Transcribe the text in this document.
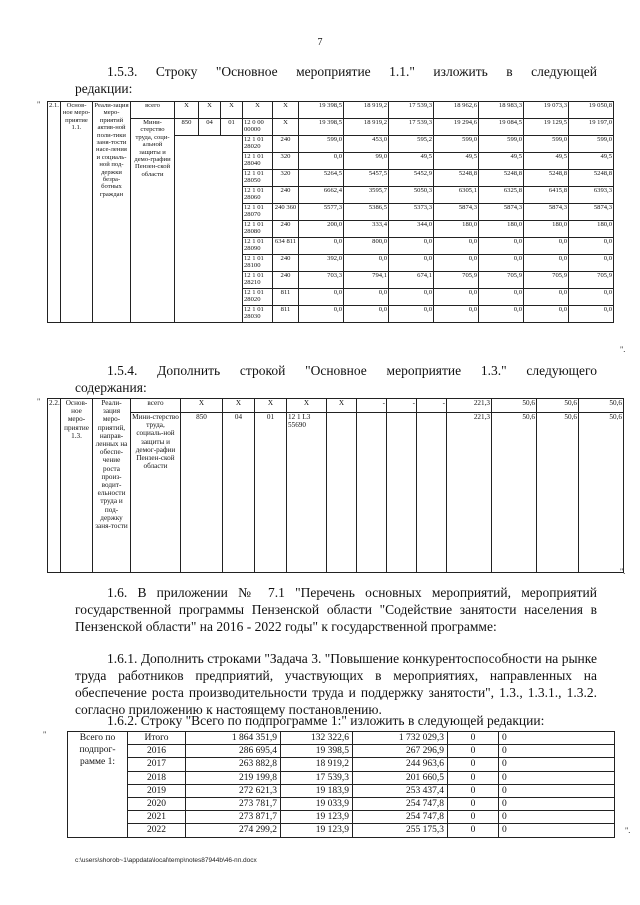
7
1.5.3. Строку "Основное мероприятие 1.1." изложить в следующей
редакции:
" 2.1.	Основ-ное меро-приятие 1.1.	Реали-зация меро-приятий актив-ной поли-тики заня-тости насе-ления и социаль-ной под-держки безра-ботных граждан	всего	X	X	X	X	X	19 398,5	18 919,2	17 539,3	18 962,6	18 983,3	19 073,3	19 050,8
			Мини-стерство труда, соци-альной защиты и демо-графии Пензен-ской области	850	04	01	12 0 00 00000	X	19 398,5	18 919,2	17 539,3	19 294,6	19 084,5	19 129,5	19 197,0
							12 1 01 28020	240	599,0	453,0	595,2	599,0	599,0	599,0	599,0
							12 1 01 28040	320	0,0	99,0	49,5	49,5	49,5	49,5	49,5
							12 1 01 28050	320	5264,5	5457,5	5452,9	5248,8	5248,8	5248,8	5248,8
							12 1 01 28060	240	6662,4	3595,7	5050,3	6305,1	6325,8	6415,8	6393,3
							12 1 01 28070	240 360	5577,3	5386,5	5373,3	5874,3	5874,3	5874,3	5874,3
							12 1 01 28080	240	200,0	333,4	344,0	180,0	180,0	180,0	180,0
							12 1 01 28090	634 811	0,0	800,0	0,0	0,0	0,0	0,0	0,0
							12 1 01 28100	240	392,0	0,0	0,0	0,0	0,0	0,0	0,0
							12 1 01 28210	240	703,3	794,1	674,1	705,9	705,9	705,9	705,9
							12 1 01 28020	811	0,0	0,0	0,0	0,0	0,0	0,0	0,0
							12 1 01 28030	811	0,0	0,0	0,0	0,0	0,0	0,0	0,0
".
1.5.4. Дополнить строкой "Основное мероприятие 1.3." следующего
содержания:
" 2.2.	Основ-ное меро-приятие 1.3.	Реали-зация меро-приятий, направ-ленных на обеспе-чение роста произ-водит-ельности труда и под-держку заня-тости	всего	X	X	X	X	X	-	-	-	221,3	50,6	50,6	50,6
			Мини-стерство труда, социаль-ной защиты и демог-рафии Пензен-ской области	850	04	01	12 1 L3 55690					221,3	50,6	50,6	50,6
".
1.6. В приложении № 7.1 "Перечень основных мероприятий, мероприятий государственной программы Пензенской области "Содействие занятости населения в Пензенской области" на 2016 - 2022 годы" к государственной программе:
1.6.1. Дополнить строками "Задача 3. "Повышение конкурентоспособности на рынке труда работников предприятий, участвующих в мероприятиях, направленных на обеспечение роста производительности труда и поддержку занятости", 1.3., 1.3.1., 1.3.2. согласно приложению к настоящему постановлению.
1.6.2. Строку "Всего по подпрограмме 1:" изложить в следующей редакции:
"	Всего по подпрог-рамме 1:	Итого	1 864 351,9	132 322,6	1 732 029,3	0	0
	2016	286 695,4	19 398,5	267 296,9	0	0
	2017	263 882,8	18 919,2	244 963,6	0	0
	2018	219 199,8	17 539,3	201 660,5	0	0
	2019	272 621,3	19 183,9	253 437,4	0	0
	2020	273 781,7	19 033,9	254 747,8	0	0
	2021	273 871,7	19 123,9	254 747,8	0	0
	2022	274 299,2	19 123,9	255 175,3	0	0	".
c:\users\shorob~1\appdata\local\temp\notes87944b\46-пп.docx
